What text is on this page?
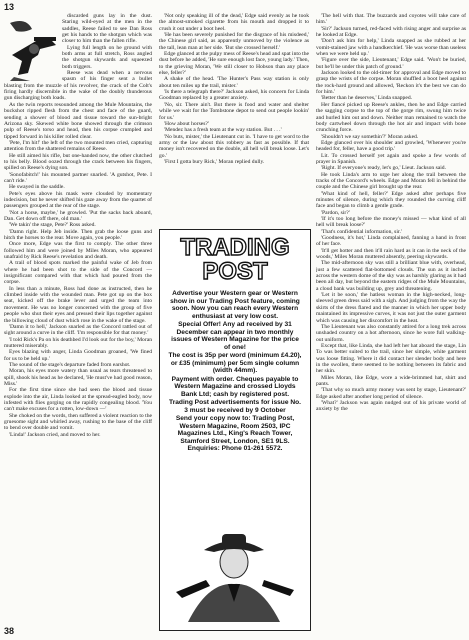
13
38

discarded guns lay in the dust. Staring wild-eyed at the men in the saddles, Reese failed to see Dan Ross get his hands to the shotgun which was closer to him than the fallen rifle.

Lying full length on he ground with both arms at full stretch, Ross angled the shotgun skywards and squeezed both triggers.

Reese was dead when a nervous spasm of his finger sent a bullet blasting from the muzzle of his revolver, the crack of the Colt's firing hardly discernible in the wake of the doubly thunderous gun discharging both loads.

As the twin reports resounded among the Mule Mountains, the buckshot ripped flesh from the chest and face of the guard, sending a shower of blood and tissue toward the sun-bright Arizona sky. Skewed white bone showed through the crimson pulp of Reese's torso and head, then his corpse crumpled and tipped forward in his killer rolled clear.

'Pete, I'm hit!' the left of the two mounted men cried, capturing attention from the shattered remains of Reese.

He still aimed his rifle, but one-handed now, the other clutched to his belly. Blood oozed through the crack between his fingers, spilled on Reese's dying son.

'Sonofabitch!' his mounted partner snarled. 'A gutshot, Pete. I can't ride.'

He swayed in the saddle.

Pete's eyes above his mask were clouded by momentary indecision, but he never shifted his gaze away from the quartet of passengers grouped at the rear of the stage.

'Not a horse, maybe,' he growled. 'Put the sacks back aboard, Dan. Get down off there, old man.'

'We takin' the stage, Pete?' Ross asked.

'Damn right. Help Jeb inside. Then grab the loose guns and hitch the horses to the rear. Move again, you people.'

Once more, Edge was the first to comply. The other three followed him and were joined by Miles Moran, who appeared unafraid by Rick Reese's revelation and death.

A trail of blood spots marked the painful wake of Jeb from where he had been shot to the side of the Concord — insignificant compared with that which had poured from the corpse.

In less than a minute, Ross had done as instructed, then he climbed inside with the wounded man. Pete got up on the box seat, kicked off the brake lever and urged the team into movement. He was no longer concerned with the group of five people who shut their eyes and pressed their lips together against the billowing cloud of dust which rose in the wake of the stage.

'Damn it to hell,' Jackson snarled as the Concord rattled out of sight around a curve in the cliff. 'I'm responsible for that money.'

'I told Rick's Pa on his deathbed I'd look out for the boy,' Moran muttered miserably.

Eyes blazing with anger, Linda Goodman groaned, 'We fined for us to be held up.'

The sound of the stage's departure faded from earshot.

Moran, his eyes more watery than usual as tears threatened to spill, shook his head as he declared, 'He must've had good reason, Miss.'

For the first time since she had seen the blood and tissue explode into the air, Linda looked at the spread-eagled body, now infested with flies gorging on the rapidly congealing blood. 'You can't make excuses for a rotten, low-down —'

She choked on the words, then suffered a violent reaction to the gruesome sight and whirled away, rushing to the base of the cliff to bend over double and vomit.

'Linda!' Jackson cried, and moved to her.

'Not only speaking ill of the dead,' Edge said evenly as he took the almost-smoked cigarette from his mouth and dropped it to crush it out under a boot heel.

'He has been severely punished for the disgrace of his misdeed,' the Chinese girl said, as apparently unmoved by the violence as the tall, lean man at her side. 'But she crossed herself.'

Edge glanced at the pulpy mess of Reese's head and spat into the dust before he added, 'He sure enough lost face, young lady.' Then, to the grieving Moran, 'We still closer to Hobson than any place else, feller?'

A shake of the head. 'The Hunter's Pass way station is only about ten miles up the trail, mister.'

'Is there a telegraph there?' Jackson asked, his concern for Linda Goodman replaced by a greater anxiety.

'No, sir. There ain't. But there is food and water and shelter while we wait for the Tombstone depot to send out people lookin' for us.'

'How about horses?'

'Mendez has a fresh team at the way station. But . . .'

'No buts, mister,' the Lieutenant cut in. 'I have to get word to the army or the law about this robbery as fast as possible. If that money isn't recovered on the double, all hell will break loose. Let's go.'

'First I gotta bury Rick,' Moran replied dully.

TRADING
POST

Advertise your Western gear or Western show in our Trading Post feature, coming soon. Now you can reach every Western enthusiast at very low cost.

Special Offer! Any ad received by 31 December can appear in two monthly issues of Western Magazine for the price of one!

The cost is 35p per word (minimum £4.20), or £35 (minimum) per 5cm single column (width 44mm).

Payment with order. Cheques payable to Western Magazine and crossed Lloyds Bank Ltd; cash by registered post.

Trading Post advertisements for issue No. 3 must be received by 9 October

Send your copy now to: Trading Post, Western Magazine, Room 2503, IPC Magazines Ltd., King's Reach Tower, Stamford Street, London, SE1 9LS. Enquiries: Phone 01-261 5572.

'The hell with that. The buzzards and coyotes will take care of him.'

'Sir?' Jackson turned, red-faced with rising anger and surprise as he looked at Edge.

'Don't ask him for help,' Linda snapped as she rubbed at her vomit-stained jaw with a handkerchief. 'He was worse than useless when we were held up.'

'Figure over the side, Lieutenant,' Edge said. 'Won't be buried, but he'll be under this patch of ground.'

Jackson looked to the old-timer for approval and Edge moved to grasp the wrists of the corpse. Moran shuffled a boot heel against the rock-hard ground and allowed, 'Reckon it's the best we can do for him.'

'Better than he deserves,' Linda snapped.

Her fiancé picked up Reese's ankles, then he and Edge carried the sagging corpse to the top of the gorge rim, swung him twice and hurled him out and down. Neither man remained to watch the body cartwheel down through the hot air and impact with bone crunching force.

'Shouldn't we say somethin'?' Moran asked.

Edge glanced over his shoulder and growled, 'Whenever you're headed for, feller, have a good trip.'

Lit. To crossed herself yet again and spoke a few words of prayer in Spanish.

'Right. If everyone's ready, let's go,' Lieut. Jackson said.

He took Linda's arm to urge her along the trail between the tracks of the Concord's wheels. Edge and Moran fell in behind the couple and the Chinese girl brought up the rear.

'What kind of hell, feller?' Edge asked after perhaps five minutes of silence, during which they rounded the curving cliff face and began to climb a gentle grade.

'Pardon, sir?'

'If it's too long before the money's missed — what kind of all hell will break loose?'

'That's confidential information, sir.'

'Goodness, it's hot,' Linda complained, fanning a hand in front of her face.

'It'll get hotter and then it'll rain hard as it can in the neck of the woods,' Miles Moran muttered absently, peering skywards.

The mid-afternoon sky was still a brilliant blue with, overhead, just a few scattered flat-bottomed clouds. The sun as it inched across the western dome of the sky was as harshly glaring as it had been all day, but beyond the eastern ridges of the Mule Mountains, a cloud bank was building up, grey and threatening.

'Let it be soon,' the hatless woman in the high-necked, long-sleeved green dress said with a sigh. And judging from the way the skirts of the dress flared and the manner in which her upper body maintained its impressive curves, it was not just the outer garment which was causing her discomfort in the heat.

The Lieutenant was also constantly attired for a long trek across unshaded country on a hot afternoon, since he wore full walking-out uniform.

Except that, like Linda, she had left her hat aboard the stage, Lin To was better suited to the trail, since her simple, white garment was loose fitting. Where it did contact her slender body and here in the swollen, there seemed to be nothing between its fabric and her skin.

Miles Moran, like Edge, wore a wide-brimmed hat, shirt and pants.

'That why so much army money was sent by stage, Lieutenant?' Edge asked after another long period of silence.

'What?' Jackson was again nudged out of his private world of anxiety by the
